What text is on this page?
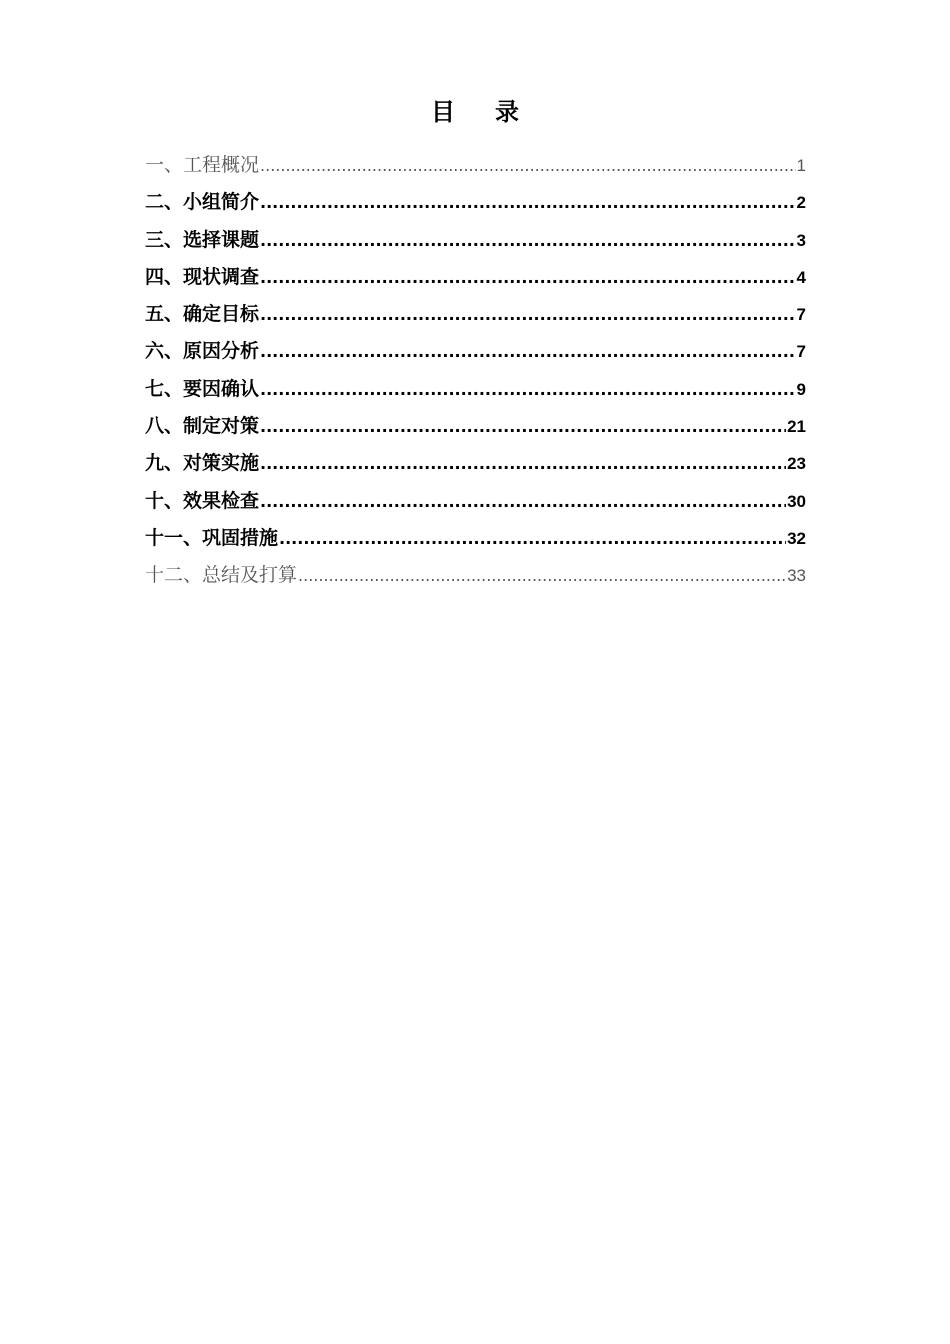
目 录
一、工程概况 .....	1
二、小组简介 .....	2
三、选择课题 .....	3
四、现状调查 .....	4
五、确定目标 .....	7
六、原因分析 .....	7
七、要因确认 .....	9
八、制定对策 .....	21
九、对策实施 .....	23
十、效果检查 .....	30
十一、巩固措施 .....	32
十二、总结及打算 .....	33
